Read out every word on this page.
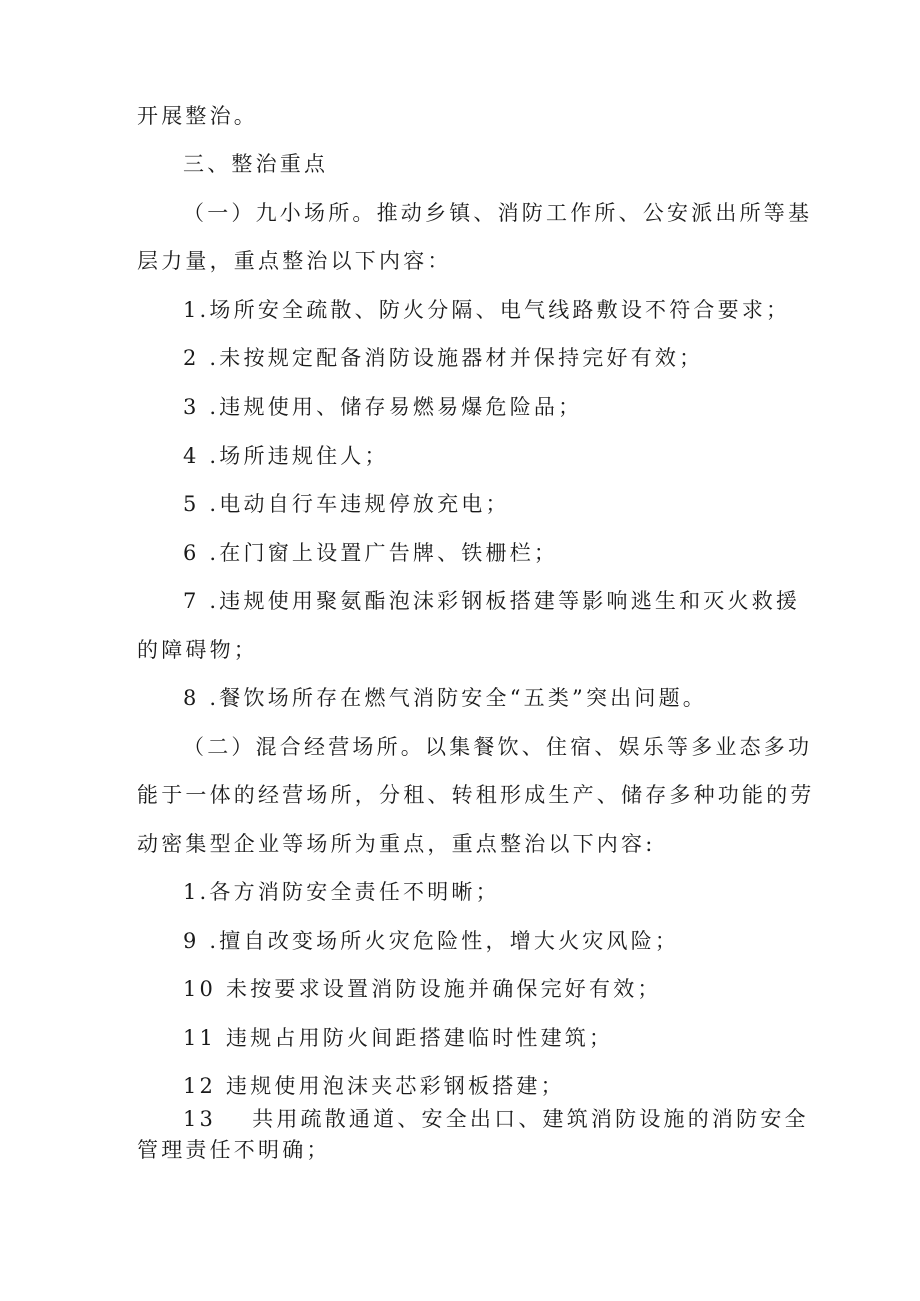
开展整治。
三、整治重点
（一）九小场所。推动乡镇、消防工作所、公安派出所等基
层力量，重点整治以下内容：
1.场所安全疏散、防火分隔、电气线路敷设不符合要求；
2 .未按规定配备消防设施器材并保持完好有效；
3 .违规使用、储存易燃易爆危险品；
4 .场所违规住人；
5 .电动自行车违规停放充电；
6 .在门窗上设置广告牌、铁栅栏；
7 .违规使用聚氨酯泡沫彩钢板搭建等影响逃生和灭火救援
的障碍物；
8 .餐饮场所存在燃气消防安全“五类”突出问题。
（二）混合经营场所。以集餐饮、住宿、娱乐等多业态多功
能于一体的经营场所，分租、转租形成生产、储存多种功能的劳
动密集型企业等场所为重点，重点整治以下内容:
1.各方消防安全责任不明晰；
9 .擅自改变场所火灾危险性，增大火灾风险；
10 未按要求设置消防设施并确保完好有效；
11 违规占用防火间距搭建临时性建筑；
12 违规使用泡沫夹芯彩钢板搭建；
13 共用疏散通道、安全出口、建筑消防设施的消防安全
管理责任不明确；
